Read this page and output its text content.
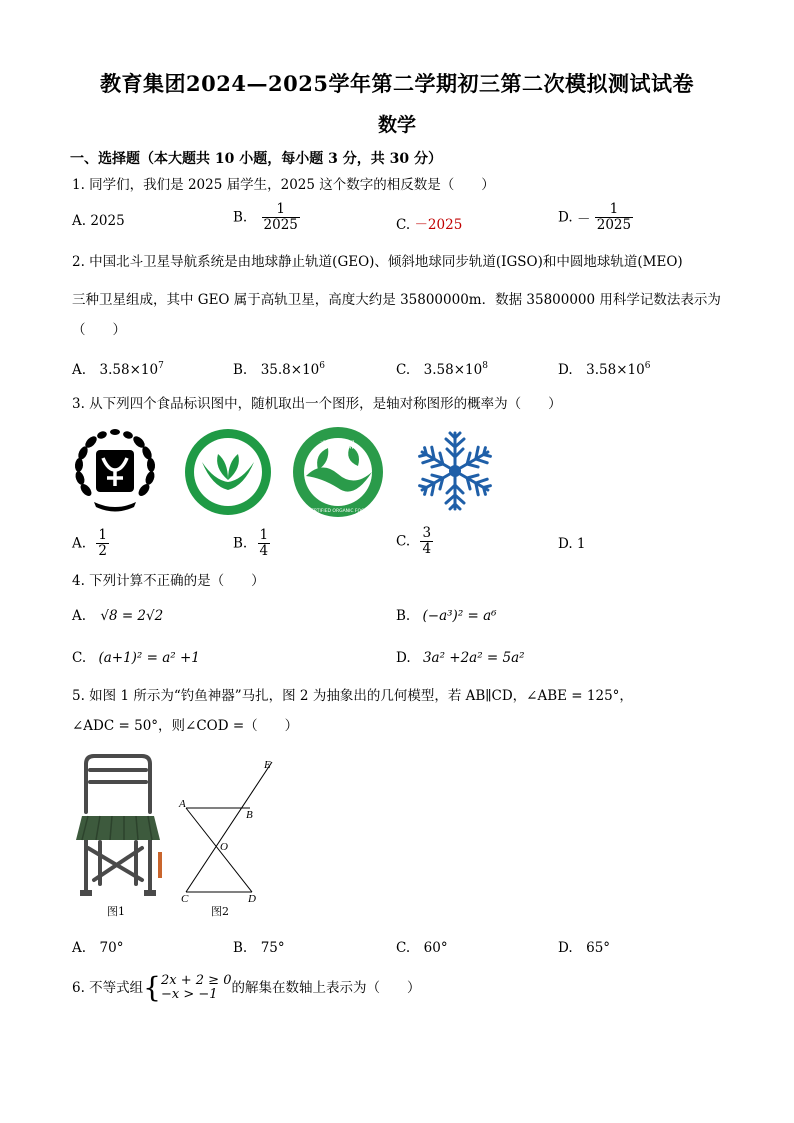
教育集团2024—2025学年第二学期初三第二次模拟测试试卷
数学
一、选择题（本大题共 10 小题，每小题 3 分，共 30 分）
1. 同学们，我们是 2025 届学生，2025 这个数字的相反数是（　　）
A. 2025	B. $\frac{1}{2025}$	C. －2025	D. － $\frac{1}{2025}$
2. 中国北斗卫星导航系统是由地球静止轨道(GEO)、倾斜地球同步轨道(IGSO)和中圆地球轨道(MEO)
三种卫星组成，其中 GEO 属于高轨卫星，高度大约是 35800000m．数据 35800000 用科学记数法表示为
（　　）
A.　$3.58\times 10^7$	B.　$35.8\times 10^6$	C.　$3.58\times 10^8$	D.　$3.58\times 10^6$
3. 从下列四个食品标识图中，随机取出一个图形，是轴对称图形的概率为（　　）
有机食品
CERTIFIED ORGANIC FOOD
A. $\frac{1}{2}$	B. $\frac{1}{4}$	C. $\frac{3}{4}$	D. 1
4. 下列计算不正确的是（　　）
A. √8 = 2√2	B. (−a³)² = a⁶
C. (a+1)² = a² +1	D. 3a² +2a² = 5a²
5. 如图 1 所示为“钓鱼神器”马扎，图 2 为抽象出的几何模型，若 AB∥CD，∠ABE = 125°，
∠ADC = 50°，则∠COD =（　　）
图1
A
B
C	D
E
O
图2
A.　70°	B.　75°	C.　60°	D.　65°
6. 不等式组{ 2x + 2 ≥ 0
−x > −1	的解集在数轴上表示为（　　）
